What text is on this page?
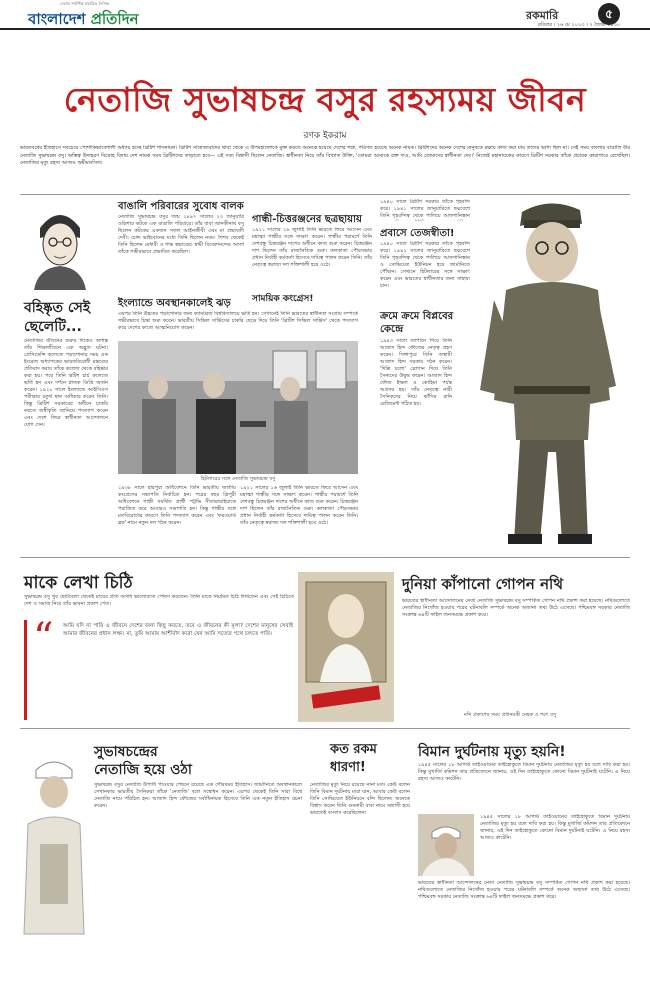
দেশের সর্বাধিক প্রচারিত দৈনিক
বাংলাদেশ প্রতিদিন	রকমারি	৫
রবিবার । ২৬ মে ২০২৩ । ৭ জ্যৈষ্ঠ ১৪৩০
নেতাজি সুভাষচন্দ্র বসুর রহস্যময় জীবন
রণক ইকরাম
ভারতবর্ষের ইতিহাসে সবচেয়ে পোশাকিভাবেশালী অধ্যায় হচ্ছে ব্রিটিশ শাসনামল। ব্রিটিশ সাম্রাজ্যবাদের থাবা থেকে এ উপমহাদেশকে মুক্ত করতে অনেকে হয়েছে দেশের শত্রু, পরিণত হয়েছে অনেক নায়ক। ব্রিটিশদের অনেক দেশের মানুষকে রক্ষায় কাজ করা যায় তাদের ভাগ্য ছিল না। সেই সময় বাংলার বাঙালি বীর নেতাজি সুভাষচন্দ্র বসু। অস্তিত্ব উদাহরণ বিদ্রোহ বিদায় দেশ নায়ক সময় ব্রিটিশদের তাড়াতে হবে— এই সত্য বিশ্বাসী ছিলেন নেতাজি। স্বাধীনতা নিয়ে তাঁর বিখ্যাত উক্তি, 'তোমরা আমাকে রক্ত দাও, আমি তোমাদের স্বাধীনতা দেব।' নিজেই মহানায়কের কারণে ব্রিটিশ সরকার তাঁকে প্রচারক কারাগারে রেখেছিল। নেতাজির মৃত্যু রহস্য আজও অমীমাংসিত।
বহিষ্কৃত সেই
ছেলেটি...
নেতাজির জীবনের শুরুর দিকেও অশান্ত তাঁর শিক্ষাজীবনে এক অদ্ভুত ঘটনা। প্রেসিডেন্সি কলেজে পড়াশোনার সময় এক ইংরেজ অধ্যাপকের ভারতবিরোধী মন্তব্যের প্রতিবাদ করায় তাঁকে কলেজ থেকে বহিষ্কার করা হয়। পরে তিনি স্কটিশ চার্চ কলেজে ভর্তি হন এবং দর্শনে স্নাতক ডিগ্রি অর্জন করেন। ১৯২০ সালে ইংল্যান্ডে আইসিএস পরীক্ষায় চতুর্থ স্থান অধিকার করেন তিনি। কিন্তু ব্রিটিশ সরকারের অধীনে চাকরি করতে অস্বীকৃতি জানিয়ে পদত্যাগ করেন এবং দেশে ফিরে স্বাধীনতা আন্দোলনে যোগ দেন।
বাঙালি পরিবারের সুবোধ বালক
নেতাজি সুভাষচন্দ্র বসুর জন্ম ১৮৯৭ সালের ২৩ জানুয়ারি ওড়িশার কটকে এক বাঙালি পরিবারে। তাঁর বাবা জানকীনাথ বসু ছিলেন কটকের একজন সফল আইনজীবী এবং মা প্রভাবতী দেবী। চোদ্দ ভাইবোনের মধ্যে তিনি ছিলেন নবম। শৈশব থেকেই তিনি ছিলেন মেধাবী ও শান্ত স্বভাবের। স্বামী বিবেকানন্দের আদর্শ তাঁকে গভীরভাবে প্রভাবিত করেছিল।
ইংল্যান্ডে অবস্থানকালেই ঝড়
এরপর তিনি উচ্চতর পড়াশোনার জন্য ক্যামব্রিজ বিশ্ববিদ্যালয়ে ভর্তি হন। সেখানেই তিনি ভারতের স্বাধীনতা সংগ্রাম সম্পর্কে গভীরভাবে চিন্তা শুরু করেন। ভারতীয় সিভিল সার্ভিসের চাকরি ছেড়ে দিয়ে তিনি 'ব্রিটিশ সিভিল সার্ভিস' থেকে পদত্যাগ করে দেশের কাজে আত্মনিয়োগ করেন।
গান্ধী-চিত্তরঞ্জনের ছত্রছায়ায়
১৯২১ সালের ১৬ জুলাই তিনি ভারতে ফিরে আসেন এবং মহাত্মা গান্ধীর সঙ্গে সাক্ষাৎ করেন। গান্ধীর পরামর্শে তিনি দেশবন্ধু চিত্তরঞ্জন দাশের অধীনে কাজ শুরু করেন। চিত্তরঞ্জন দাশ ছিলেন তাঁর রাজনৈতিক গুরু। কলকাতা পৌরসভার প্রধান নির্বাহী কর্মকর্তা হিসেবে দায়িত্ব পালন করেন তিনি। তাঁর নেতৃত্বে স্বরাজ্য দল শক্তিশালী হয়ে ওঠে।
সাময়িক কংগ্রেস!
হিটলারের সঙ্গে নেতাজি সুভাষচন্দ্র বসু
১৯৩৮ সালে হরিপুরা অধিবেশনে তিনি ভারতীয় জাতীয় কংগ্রেসের সভাপতি নির্বাচিত হন। পরের বছর ত্রিপুরী অধিবেশনে গান্ধী সমর্থিত প্রার্থী পট্টভি সীতারামাইয়াকে পরাজিত করে আবারও সভাপতি হন। কিন্তু গান্ধীর সঙ্গে মতবিরোধের কারণে তিনি পদত্যাগ করেন এবং 'ফরওয়ার্ড ব্লক' নামে নতুন দল গঠন করেন।
১৯২১ সালের ১৬ জুলাই তিনি ভারতে ফিরে আসেন এবং মহাত্মা গান্ধীর সঙ্গে সাক্ষাৎ করেন। গান্ধীর পরামর্শে তিনি দেশবন্ধু চিত্তরঞ্জন দাশের অধীনে কাজ শুরু করেন। চিত্তরঞ্জন দাশ ছিলেন তাঁর রাজনৈতিক গুরু। কলকাতা পৌরসভার প্রধান নির্বাহী কর্মকর্তা হিসেবে দায়িত্ব পালন করেন তিনি। তাঁর নেতৃত্বে স্বরাজ্য দল শক্তিশালী হয়ে ওঠে।
১৯৪০ সালে ব্রিটিশ সরকার তাঁকে গৃহবন্দি করে। ১৯৪১ সালের জানুয়ারিতে ছদ্মবেশে তিনি গৃহবন্দিত্ব থেকে পালিয়ে আফগানিস্তান
প্রবাসে তেজস্বীতা!
১৯৪০ সালে ব্রিটিশ সরকার তাঁকে গৃহবন্দি করে। ১৯৪১ সালের জানুয়ারিতে ছদ্মবেশে তিনি গৃহবন্দিত্ব থেকে পালিয়ে আফগানিস্তান ও সোভিয়েত ইউনিয়ন হয়ে জার্মানিতে পৌঁছান। সেখানে হিটলারের সঙ্গে সাক্ষাৎ করেন এবং ভারতের স্বাধীনতার জন্য সাহায্য চান।
ক্রমে ক্রমে বিপ্লবের
কেন্দ্রে
১৯৪৩ সালে জাপানে গিয়ে তিনি আজাদ হিন্দ ফৌজের নেতৃত্ব গ্রহণ করেন। সিঙ্গাপুরে তিনি অস্থায়ী আজাদ হিন্দ সরকার গঠন করেন। 'দিল্লি চলো' স্লোগান দিয়ে তিনি সৈন্যদের উদ্বুদ্ধ করেন। আজাদ হিন্দ ফৌজ ইম্ফল ও কোহিমা পর্যন্ত অগ্রসর হয়। তাঁর নেতৃত্বে নারী সৈনিকদের নিয়ে ঝাঁসির রানি রেজিমেন্ট গঠিত হয়।
মাকে লেখা চিঠি
সুভাষচন্দ্র বসু খুব ছোটবেলা থেকেই মায়ের প্রতি অগাধ ভালোবাসা পোষণ করতেন। তিনি মাকে নিয়মিত চিঠি লিখতেন এবং সেই চিঠিতে দেশ ও সমাজ নিয়ে তাঁর ভাবনা প্রকাশ পেত।
“ আমি যদি না পারি এ জীবনে দেশের জন্য কিছু করতে, তবে এ জীবনের কী মূল্য? দেশের মানুষের সেবাই আমার জীবনের প্রধান লক্ষ্য। মা, তুমি আমায় আশীর্বাদ করো যেন আমি সত্যের পথে চলতে পারি।
দুনিয়া কাঁপানো গোপন নথি
ভারতের স্বাধীনতা আন্দোলনের নেতা নেতাজি সুভাষচন্দ্র বসু সম্পর্কিত গোপন নথি প্রকাশ করা হয়েছে। নথিগুলোতে নেতাজির নিখোঁজ হওয়ার পরের ঘটনাবলি সম্পর্কে অনেক অজানা তথ্য উঠে এসেছে। পশ্চিমবঙ্গ সরকার নেতাজি সংক্রান্ত ৬৪টি ফাইল জনসমক্ষে প্রকাশ করে।
নথি প্রকাশের সময় প্রধানমন্ত্রী নেহরু ও শরৎ বসু
সুভাষচন্দ্রের
নেতাজি হয়ে ওঠা
সুভাষচন্দ্র বসুর নেতাজি উপাধি পাওয়ার পেছনে রয়েছে এক গৌরবময় ইতিহাস। জার্মানিতে অবস্থানকালে সেখানকার ভারতীয় সৈনিকরা তাঁকে 'নেতাজি' বলে সম্বোধন করেন। এরপর থেকেই তিনি সারা বিশ্বে নেতাজি নামে পরিচিত হন। আজাদ হিন্দ ফৌজের সর্বাধিনায়ক হিসেবে তিনি এক নতুন ইতিহাস রচনা করেন।
কত রকম
ধারণা!
নেতাজির মৃত্যু নিয়ে রয়েছে নানা মত। কেউ বলেন তিনি বিমান দুর্ঘটনায় মারা যান, আবার কেউ বলেন তিনি সোভিয়েত ইউনিয়নে বন্দি ছিলেন। অনেকে বিশ্বাস করেন তিনি গুমনামী বাবা নামে সন্ন্যাসী হয়ে ভারতেই বসবাস করেছিলেন।
বিমান দুর্ঘটনায় মৃত্যু হয়নি!
১৯৪৫ সালের ১৮ আগস্ট তাইওয়ানের তাইহোকুতে বিমান দুর্ঘটনায় নেতাজির মৃত্যু হয় বলে দাবি করা হয়। কিন্তু মুখার্জি কমিশন তার প্রতিবেদনে জানায়, ওই দিন তাইহোকুতে কোনো বিমান দুর্ঘটনাই ঘটেনি। এ নিয়ে রহস্য আজও কাটেনি।
১৯৪৫ সালের ১৮ আগস্ট তাইওয়ানের তাইহোকুতে বিমান দুর্ঘটনায় নেতাজির মৃত্যু হয় বলে দাবি করা হয়। কিন্তু মুখার্জি কমিশন তার প্রতিবেদনে জানায়, ওই দিন তাইহোকুতে কোনো বিমান দুর্ঘটনাই ঘটেনি। এ নিয়ে রহস্য আজও কাটেনি।
ভারতের স্বাধীনতা আন্দোলনের নেতা নেতাজি সুভাষচন্দ্র বসু সম্পর্কিত গোপন নথি প্রকাশ করা হয়েছে। নথিগুলোতে নেতাজির নিখোঁজ হওয়ার পরের ঘটনাবলি সম্পর্কে অনেক অজানা তথ্য উঠে এসেছে। পশ্চিমবঙ্গ সরকার নেতাজি সংক্রান্ত ৬৪টি ফাইল জনসমক্ষে প্রকাশ করে।
